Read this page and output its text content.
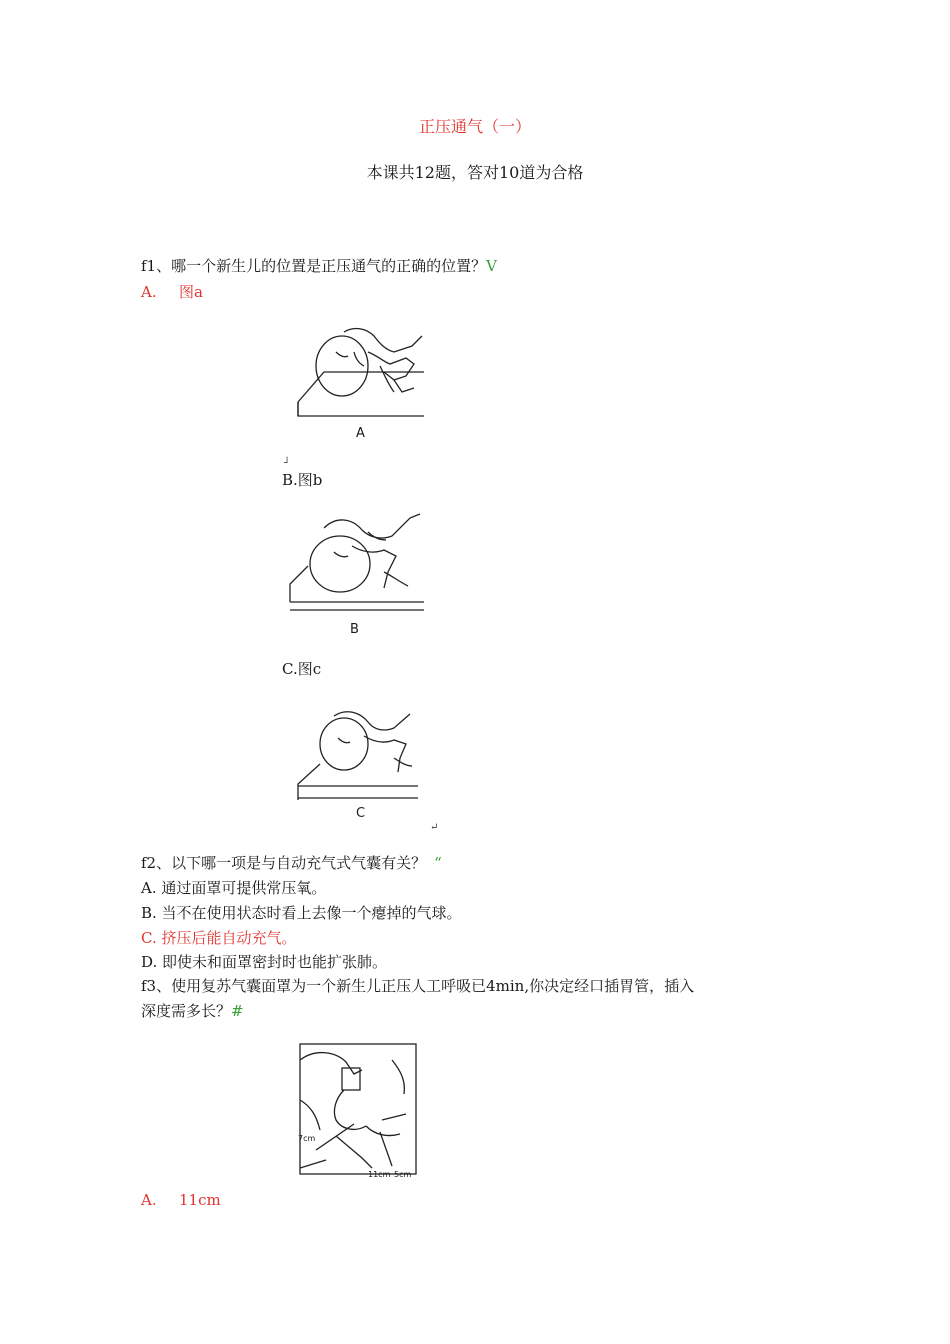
正压通气（一）
本课共12题，答对10道为合格
f1、哪一个新生儿的位置是正压通气的正确的位置？V
A. 图a
A
┘
B.图b
B
C.图c
C
↵
f2、以下哪一项是与自动充气式气囊有关？ “
A. 通过面罩可提供常压氧。
B. 当不在使用状态时看上去像一个瘪掉的气球。
C. 挤压后能自动充气。
D. 即使未和面罩密封时也能扩张肺。
f3、使用复苏气囊面罩为一个新生儿正压人工呼吸已4min,你决定经口插胃管，插入
深度需多长？#
7cm
11cm 5cm
A. 11cm
